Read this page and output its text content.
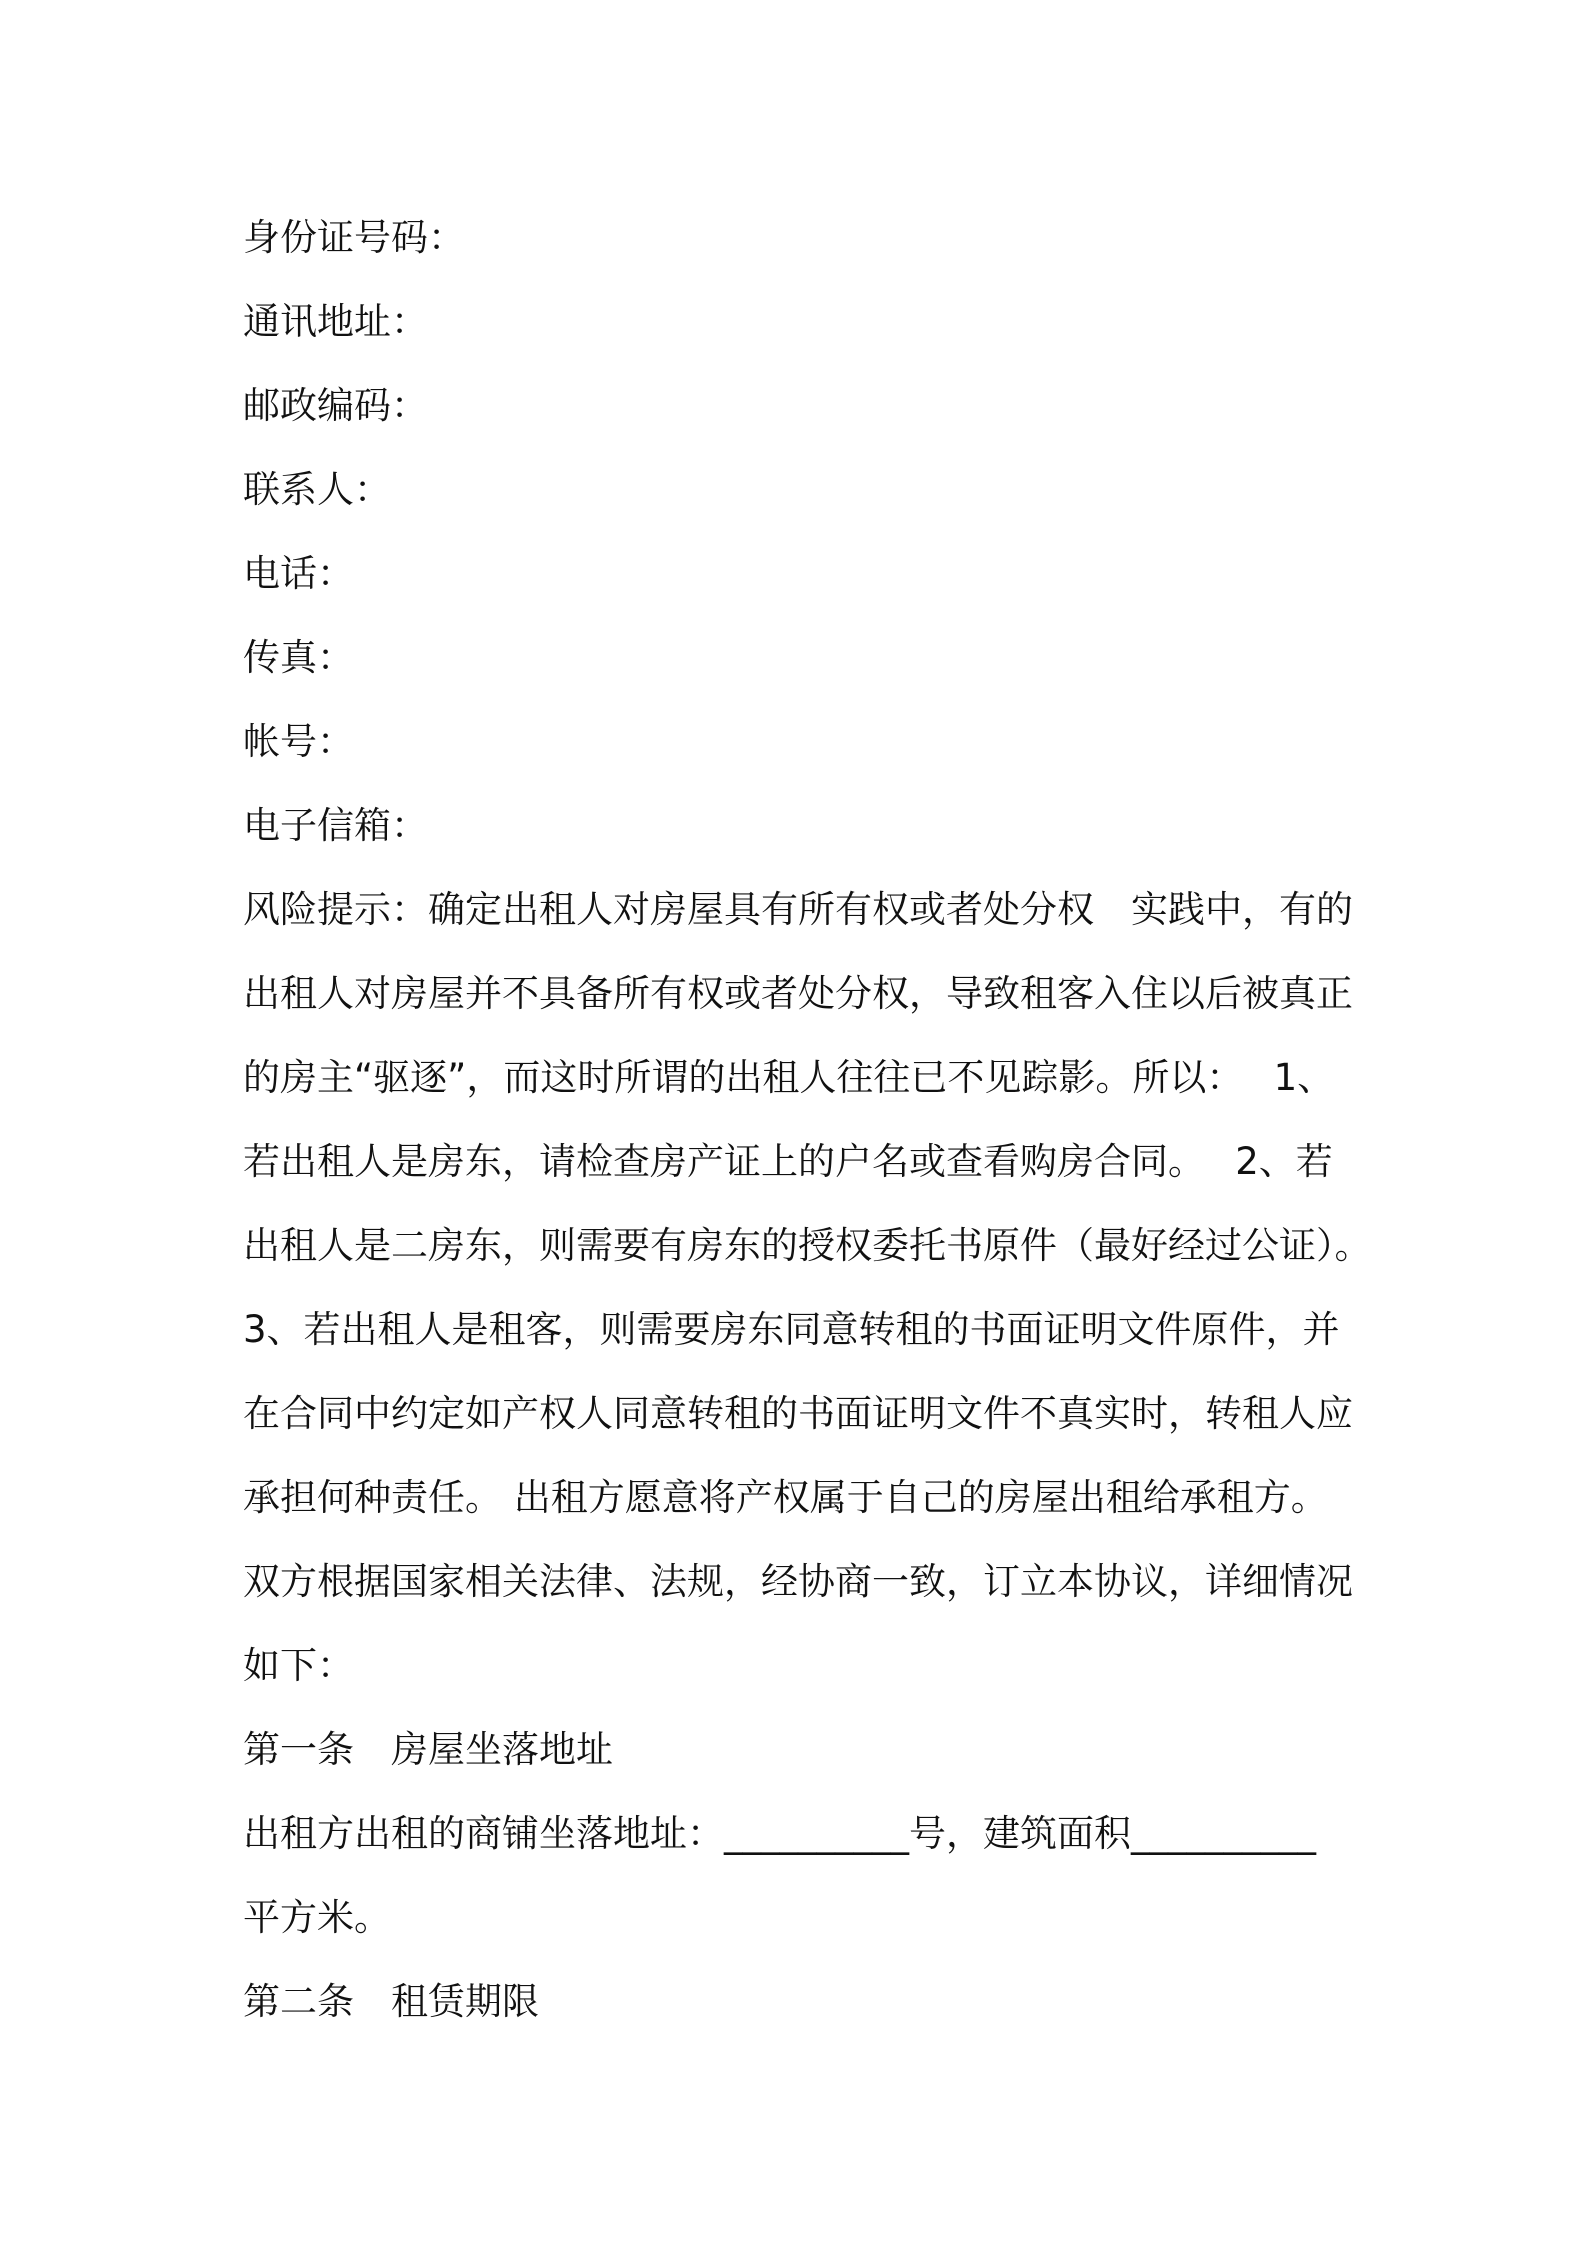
身份证号码：

通讯地址：

邮政编码：

联系人：

电话：

传真：

帐号：

电子信箱：

风险提示：确定出租人对房屋具有所有权或者处分权　实践中，有的

出租人对房屋并不具备所有权或者处分权，导致租客入住以后被真正

的房主“驱逐”，而这时所谓的出租人往往已不见踪影。所以：　 1、

若出租人是房东，请检查房产证上的户名或查看购房合同。　 2、若

出租人是二房东，则需要有房东的授权委托书原件（最好经过公证）。

3、若出租人是租客，则需要房东同意转租的书面证明文件原件，并

在合同中约定如产权人同意转租的书面证明文件不真实时，转租人应

承担何种责任。 出租方愿意将产权属于自己的房屋出租给承租方。

双方根据国家相关法律、法规，经协商一致，订立本协议，详细情况

如下：

第一条　房屋坐落地址

出租方出租的商铺坐落地址：__________号，建筑面积__________

平方米。

第二条　租赁期限
